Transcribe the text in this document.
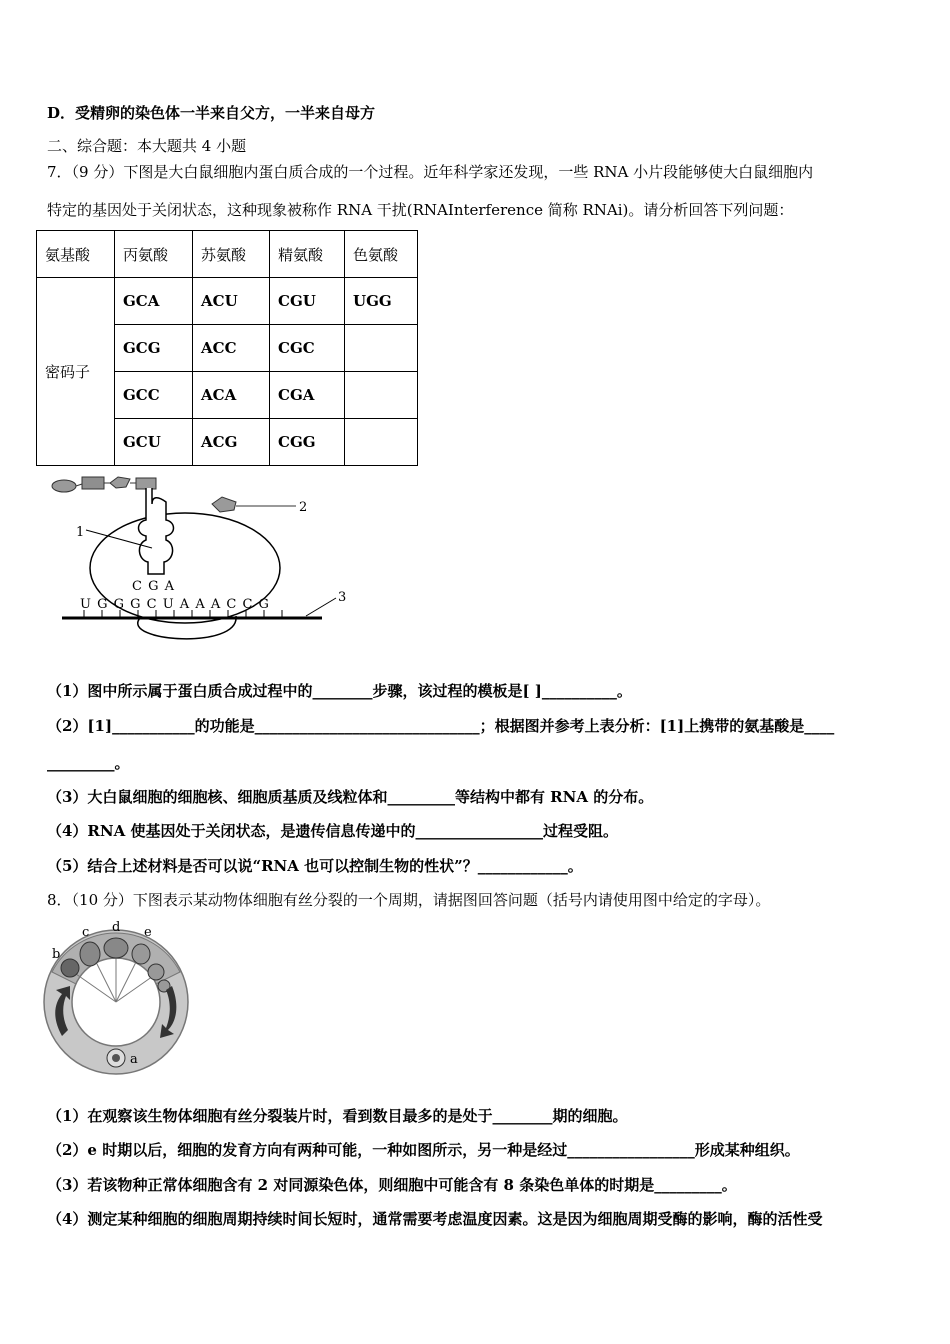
D．受精卵的染色体一半来自父方，一半来自母方
二、综合题：本大题共 4 小题
7．（9 分）下图是大白鼠细胞内蛋白质合成的一个过程。近年科学家还发现，一些 RNA 小片段能够使大白鼠细胞内
特定的基因处于关闭状态，这种现象被称作 RNA 干扰(RNAInterference 简称 RNAi)。请分析回答下列问题：
氨基酸	丙氨酸	苏氨酸	精氨酸	色氨酸
密码子	GCA	ACU	CGU	UGG
	GCG	ACC	CGC	
	GCC	ACA	CGA	
	GCU	ACG	CGG	
2
1
C G A
U G G G C U A A A C C G	3
（1）图中所示属于蛋白质合成过程中的________步骤，该过程的模板是[ ]__________。
（2）[1]___________的功能是______________________________；根据图并参考上表分析：[1]上携带的氨基酸是____
_________。
（3）大白鼠细胞的细胞核、细胞质基质及线粒体和_________等结构中都有 RNA 的分布。
（4）RNA 使基因处于关闭状态，是遗传信息传递中的_________________过程受阻。
（5）结合上述材料是否可以说“RNA 也可以控制生物的性状”？____________。
8．（10 分）下图表示某动物体细胞有丝分裂的一个周期，请据图回答问题（括号内请使用图中给定的字母）。
a
b
c d e
（1）在观察该生物体细胞有丝分裂装片时，看到数目最多的是处于________期的细胞。
（2）e 时期以后，细胞的发育方向有两种可能，一种如图所示，另一种是经过_________________形成某种组织。
（3）若该物种正常体细胞含有 2 对同源染色体，则细胞中可能含有 8 条染色单体的时期是_________。
（4）测定某种细胞的细胞周期持续时间长短时，通常需要考虑温度因素。这是因为细胞周期受酶的影响，酶的活性受
